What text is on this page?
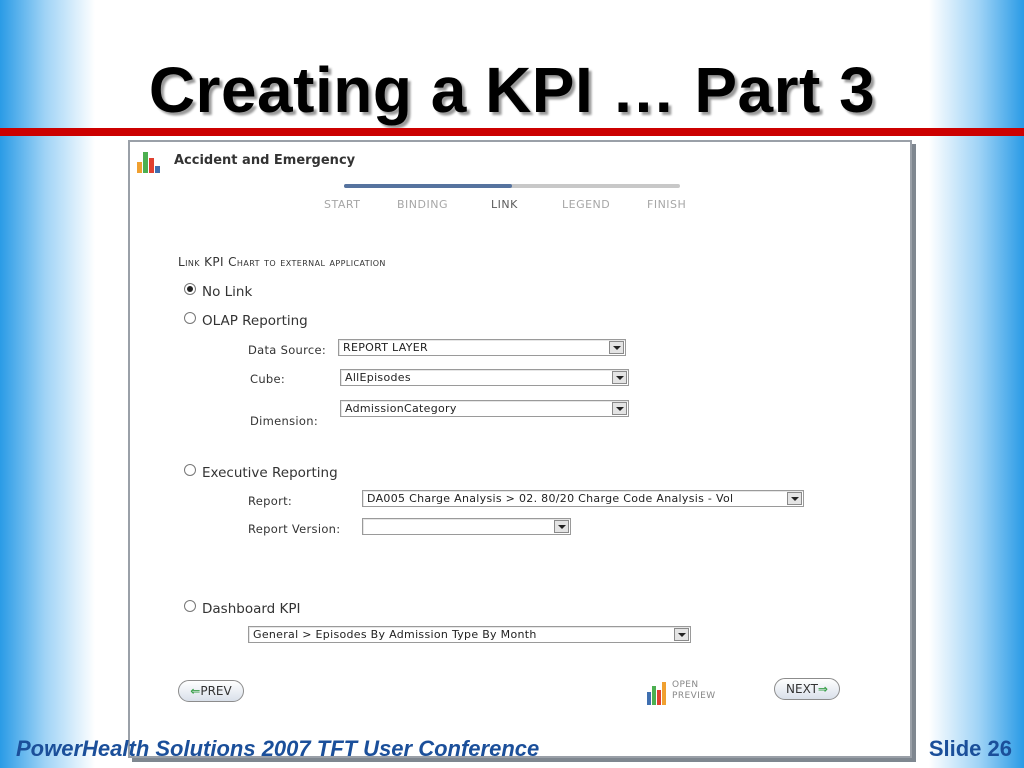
Creating a KPI … Part 3
Accident and Emergency
START	BINDING	LINK	LEGEND	FINISH
Link KPI Chart to external application
No Link
OLAP Reporting
Data Source: REPORT LAYER
Cube:	AllEpisodes
Dimension:
AdmissionCategory
Executive Reporting
Report:	DA005 Charge Analysis > 02. 80/20 Charge Code Analysis - Vol
Report Version:
Dashboard KPI
General > Episodes By Admission Type By Month
⇐ PREV	OPEN
PREVIEW	NEXT ⇒
PowerHealth Solutions 2007 TFT User Conference	Slide 26
